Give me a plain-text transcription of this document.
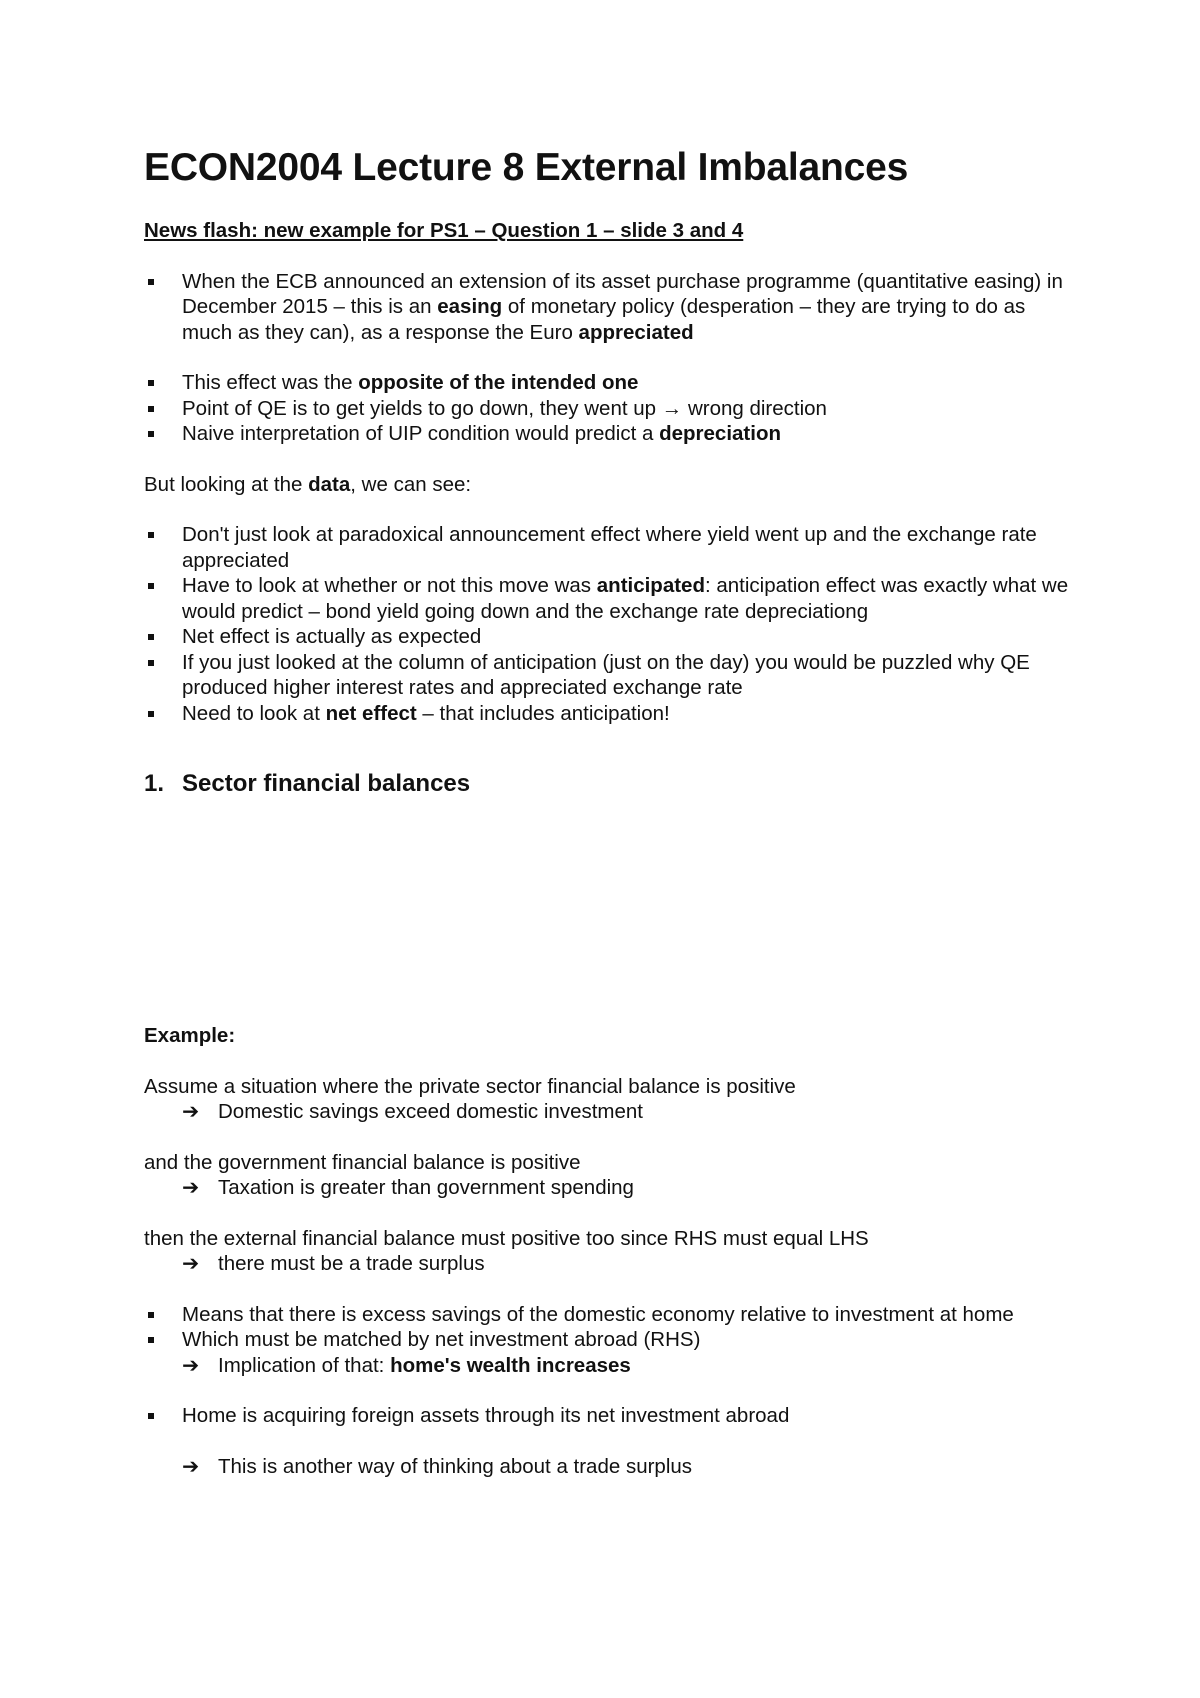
ECON2004 Lecture 8 External Imbalances

News flash: new example for PS1 – Question 1 – slide 3 and 4

When the ECB announced an extension of its asset purchase programme (quantitative easing) in December 2015 – this is an easing of monetary policy (desperation – they are trying to do as much as they can), as a response the Euro appreciated
This effect was the opposite of the intended one
Point of QE is to get yields to go down, they went up → wrong direction
Naive interpretation of UIP condition would predict a depreciation

But looking at the data, we can see:

Don't just look at paradoxical announcement effect where yield went up and the exchange rate appreciated
Have to look at whether or not this move was anticipated: anticipation effect was exactly what we would predict – bond yield going down and the exchange rate depreciationg
Net effect is actually as expected
If you just looked at the column of anticipation (just on the day) you would be puzzled why QE produced higher interest rates and appreciated exchange rate
Need to look at net effect – that includes anticipation!
1. Sector financial balances

Example:

Assume a situation where the private sector financial balance is positive

➔ Domestic savings exceed domestic investment

and the government financial balance is positive

➔ Taxation is greater than government spending

then the external financial balance must positive too since RHS must equal LHS

➔ there must be a trade surplus
Means that there is excess savings of the domestic economy relative to investment at home
Which must be matched by net investment abroad (RHS)
➔ Implication of that: home's wealth increases
Home is acquiring foreign assets through its net investment abroad
➔ This is another way of thinking about a trade surplus
